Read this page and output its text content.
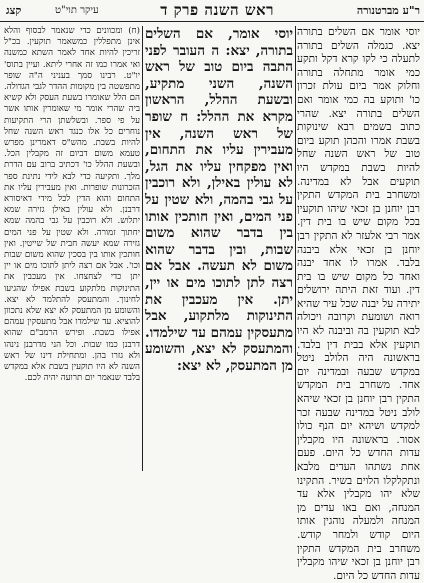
ר"ע מברטנורה
ראש השנה פרק ד
עיקר תוי"ט
קצג
יוסי אומר אם השלים בתורה יצא. כגמלה השלים בתורה לתעלה כי לקו קרא דקל ותקע כמי אומר מתחלה בתורה וחלוק אמר ביום עולת זכרון כו' ותוקע בה כמי אומר ואם השלים בתורה יצא. שהרי כתוב בשמים רבא שינוקות בשבת אמרו והכהן תוקע ביום טוב של ראש השנה שחל להיות בשבת במקדש היו תוקעים אבל לא במדינה. ומשחרב בית המקדש התקין רבן יוחנן בן זכאי שיהו תוקעין בכל מקום שיש בו בית דין. אמר רבי אלעזר לא התקין רבן יוחנן בן זכאי אלא ביבנה בלבד. אמרו לו אחד יבנה ואחד כל מקום שיש בו בית דין. ועוד זאת היתה ירושלים יתירה על יבנה שכל עיר שהיא רואה ושומעת וקרובה ויכולה לבא תוקעין בה וביבנה לא היו תוקעין אלא בבית דין בלבד. בראשונה היה הלולב ניטל במקדש שבעה ובמדינה יום אחד. משחרב בית המקדש התקין רבן יוחנן בן זכאי שיהא לולב ניטל במדינה שבעה זכר למקדש ושיהא יום הנף כולו אסור. בראשונה היו מקבלין עדות החדש כל היום. פעם אחת נשתהו העדים מלבא ונתקלקלו הלוים בשיר. התקינו שלא יהו מקבלין אלא עד המנחה, ואם באו עדים מן המנחה ולמעלה נוהגין אותו היום קודש ולמחר קודש. משחרב בית המקדש התקין רבן יוחנן בן זכאי שיהו מקבלין עדות החדש כל היום.
יוסי אומר, אם השלים בתורה, יצא: ה העובר לפני התבה ביום טוב של ראש השנה, השני מתקיע, ובשעת ההלל, הראשון מקרא את ההלל: ח שופר של ראש השנה, אין מעבירין עליו את התחום, ואין מפקחין עליו את הגל, לא עולין באילן, ולא רוכבין על גבי בהמה, ולא שטין על פני המים, ואין חותכין אותו בין בדבר שהוא משום שבות, ובין בדבר שהוא משום לא תעשה. אבל אם רצה לתן לתוכו מים או יין, יתן. אין מעכבין את התינוקות מלתקוע, אבל מתעסקין עמהם עד שילמדו. והמתעסק לא יצא, והשומע מן המתעסק, לא יצא:
(ח) ומכוונים כדי שנאמר לבסוף והלא אינן מתפללין כמשאמר תוקעין. בכ"ל זריכין להיות אחד לאמר השתא כמשנה ואי אמרו כמו זה אחרי ליתא. ועיין בתוס' יו"ט. רבינו סמך בעניני ה"ה שופר מתפשטה בין מקומות ההדר לגבי הגדולה. הם הלל שאומרו בשעת העסק ולא קשיא ביה שהרי אומר מי שאומרין אותו אשר על פי ספר. ובשלשתן הרי התקיעות נוחרים כל אלו כנגד ראש השנה שחל להיות בשבת. מהש"ס דאמרינן מפרש טעמא משום דביום זה מקבלין הכל. ובשעת ההלל כו' דכתיב ברוב עם הדרת מלך. ותקיעה כדי לבא לידי נתינת ספר הזכרונות שופרות. ואין מעבירין עליו את התחום והוא הדין לכל מידי דאיסורא דרבנן. ולא עולין באילן גזירה שמא יתלוש. ולא רוכבין על גבי בהמה שמא יחתוך זמורה. ולא שטין על פני המים גזירה שמא יעשה חבית של שייטין. ואין חותכין אותו בין בסכין שהוא משום שבות וכו'. אבל אם רצה ליתן לתוכו מים או יין יתן כדי לצחצחו. אין מעכבין את התינוקות מלתקוע בשבת אפילו שהגיעו לחינוך. והמתעסק להתלמד לא יצא. והשומע מן המתעסק לא יצא שלא נתכוון להוציא. עד שילמדו אבל מתעסקין עמהם אפילו בשבת. ופירש הרמב"ם שהוא דרבנן כמו שבות. וכל הני מדרבנן נינהו ולא גזרו בהן. ומתחילת דינו של ראש השנה לא היו תוקעין בשבת אלא במקדש בלבד שנאמר יום תרועה יהיה לכם.
